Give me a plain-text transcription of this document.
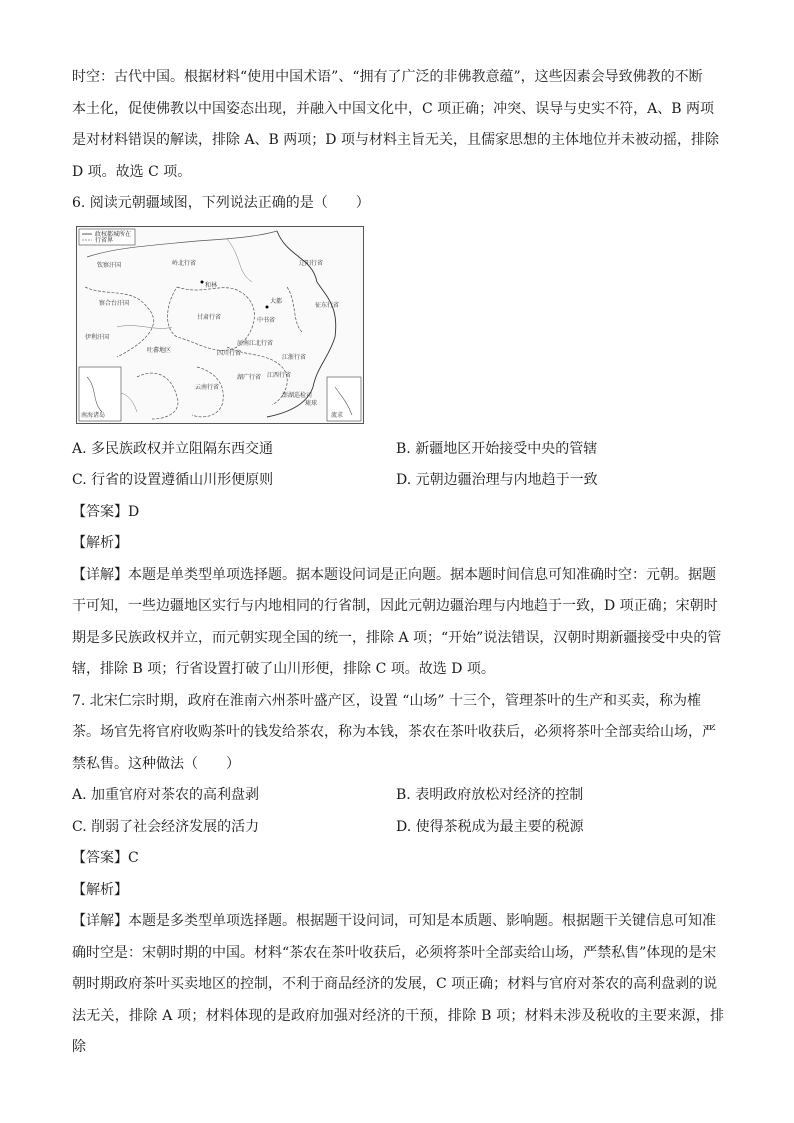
时空：古代中国。根据材料“使用中国术语”、“拥有了广泛的非佛教意蕴”，这些因素会导致佛教的不断

本土化，促使佛教以中国姿态出现，并融入中国文化中，C 项正确；冲突、误导与史实不符，A、B 两项

是对材料错误的解读，排除 A、B 两项；D 项与材料主旨无关，且儒家思想的主体地位并未被动摇，排除

D 项。故选 C 项。

6. 阅读元朝疆域图，下列说法正确的是（　　）

政权都城所在
行省界
钦察汗国	岭北行省
察合台汗国
甘肃行省
伊利汗国
吐蕃地区
中书省
河南江北行省
四川行省
江浙行省
湖广行省 江西行省
云南行省
辽阳行省
征东行省
和林
大都
澎湖巡检司
琉球
南海诸岛	流求
A. 多民族政权并立阻隔东西交通	B. 新疆地区开始接受中央的管辖
C. 行省的设置遵循山川形便原则	D. 元朝边疆治理与内地趋于一致
【答案】D
【解析】

【详解】本题是单类型单项选择题。据本题设问词是正向题。据本题时间信息可知准确时空：元朝。据题

干可知，一些边疆地区实行与内地相同的行省制，因此元朝边疆治理与内地趋于一致，D 项正确；宋朝时

期是多民族政权并立，而元朝实现全国的统一，排除 A 项；“开始”说法错误，汉朝时期新疆接受中央的管

辖，排除 B 项；行省设置打破了山川形便，排除 C 项。故选 D 项。

7. 北宋仁宗时期，政府在淮南六州茶叶盛产区，设置 “山场” 十三个，管理茶叶的生产和买卖，称为榷

茶。场官先将官府收购茶叶的钱发给茶农，称为本钱，茶农在茶叶收获后，必须将茶叶全部卖给山场，严

禁私售。这种做法（　　）

A. 加重官府对茶农的高利盘剥	B. 表明政府放松对经济的控制
C. 削弱了社会经济发展的活力	D. 使得茶税成为最主要的税源
【答案】C
【解析】

【详解】本题是多类型单项选择题。根据题干设问词，可知是本质题、影响题。根据题干关键信息可知准

确时空是：宋朝时期的中国。材料“茶农在茶叶收获后，必须将茶叶全部卖给山场，严禁私售”体现的是宋

朝时期政府茶叶买卖地区的控制，不利于商品经济的发展，C 项正确；材料与官府对茶农的高利盘剥的说

法无关，排除 A 项；材料体现的是政府加强对经济的干预，排除 B 项；材料未涉及税收的主要来源，排除
